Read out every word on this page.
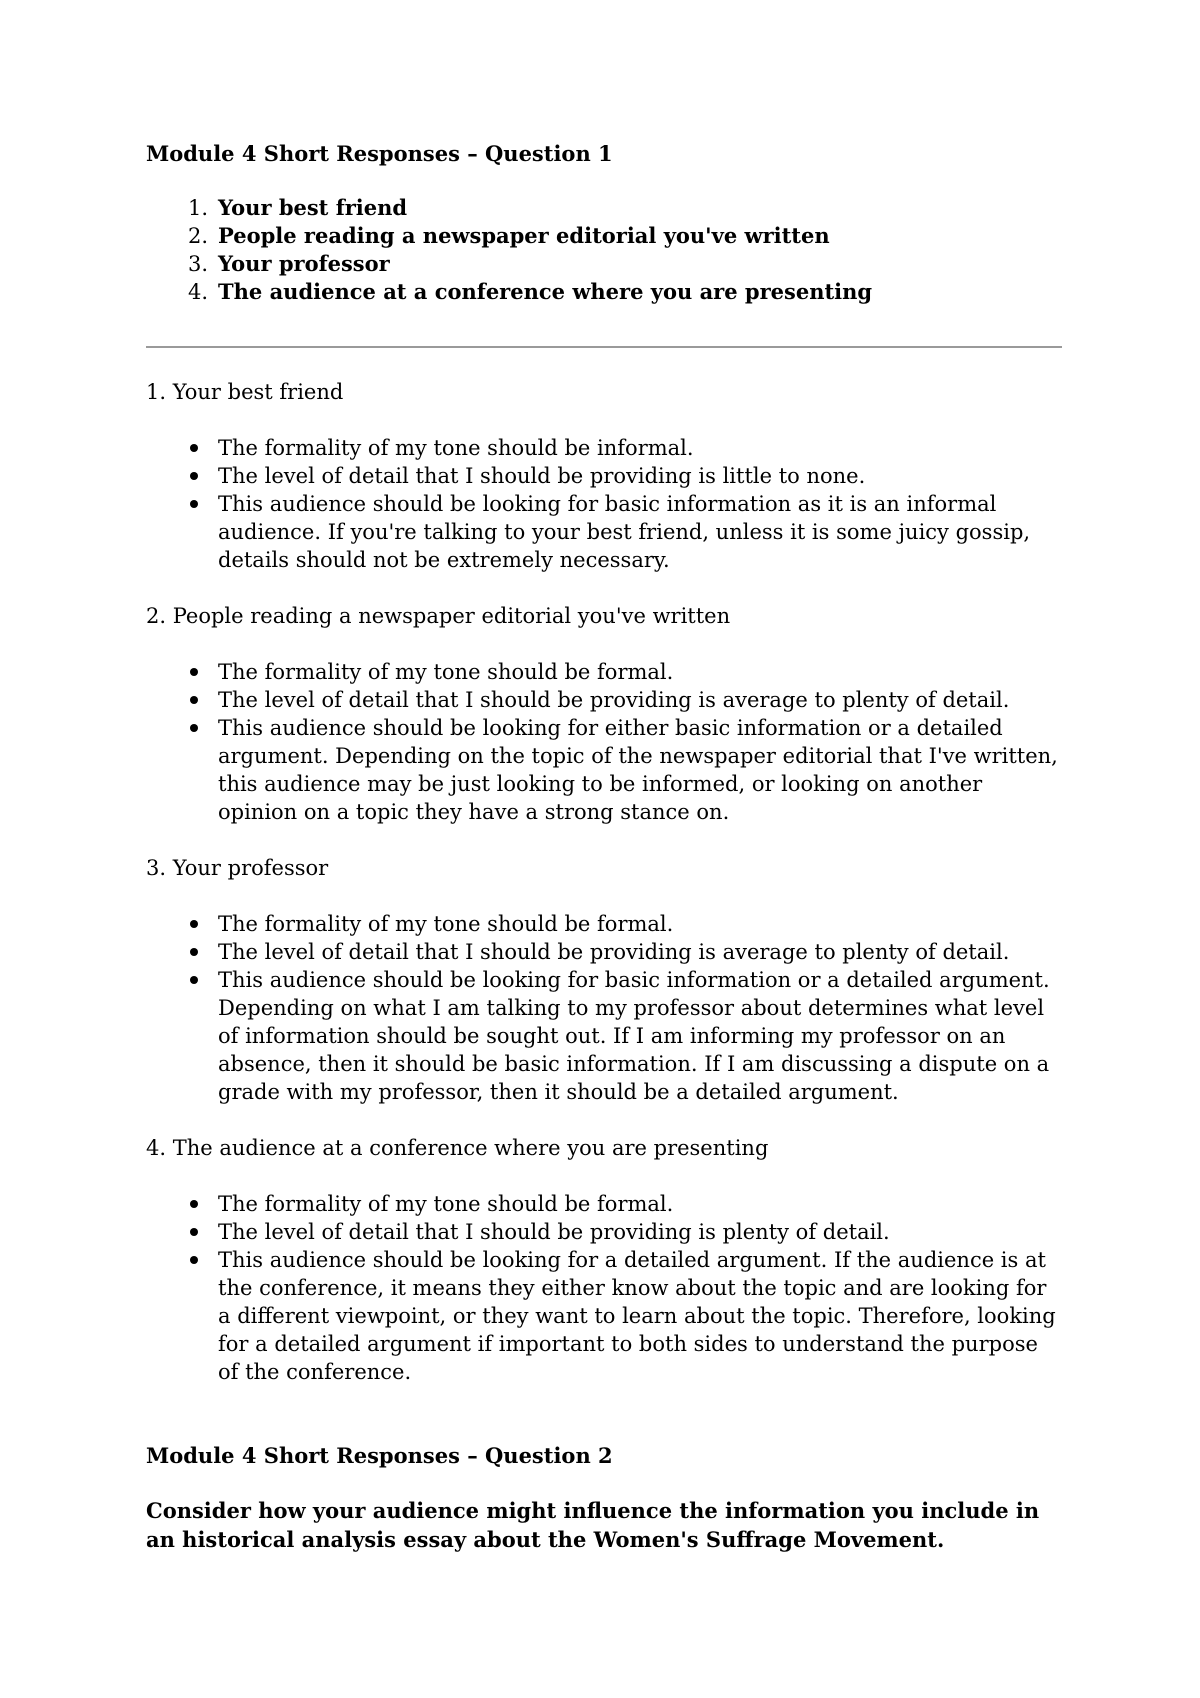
Module 4 Short Responses – Question 1

1. Your best friend
2. People reading a newspaper editorial you've written
3. Your professor
4. The audience at a conference where you are presenting

1. Your best friend

The formality of my tone should be informal.
The level of detail that I should be providing is little to none.
This audience should be looking for basic information as it is an informal audience. If you're talking to your best friend, unless it is some juicy gossip, details should not be extremely necessary.

2. People reading a newspaper editorial you've written

The formality of my tone should be formal.
The level of detail that I should be providing is average to plenty of detail.
This audience should be looking for either basic information or a detailed argument. Depending on the topic of the newspaper editorial that I've written, this audience may be just looking to be informed, or looking on another opinion on a topic they have a strong stance on.

3. Your professor

The formality of my tone should be formal.
The level of detail that I should be providing is average to plenty of detail.
This audience should be looking for basic information or a detailed argument. Depending on what I am talking to my professor about determines what level of information should be sought out. If I am informing my professor on an absence, then it should be basic information. If I am discussing a dispute on a grade with my professor, then it should be a detailed argument.

4. The audience at a conference where you are presenting

The formality of my tone should be formal.
The level of detail that I should be providing is plenty of detail.
This audience should be looking for a detailed argument. If the audience is at the conference, it means they either know about the topic and are looking for a different viewpoint, or they want to learn about the topic. Therefore, looking for a detailed argument if important to both sides to understand the purpose of the conference.

Module 4 Short Responses – Question 2

Consider how your audience might influence the information you include in an historical analysis essay about the Women's Suffrage Movement.
